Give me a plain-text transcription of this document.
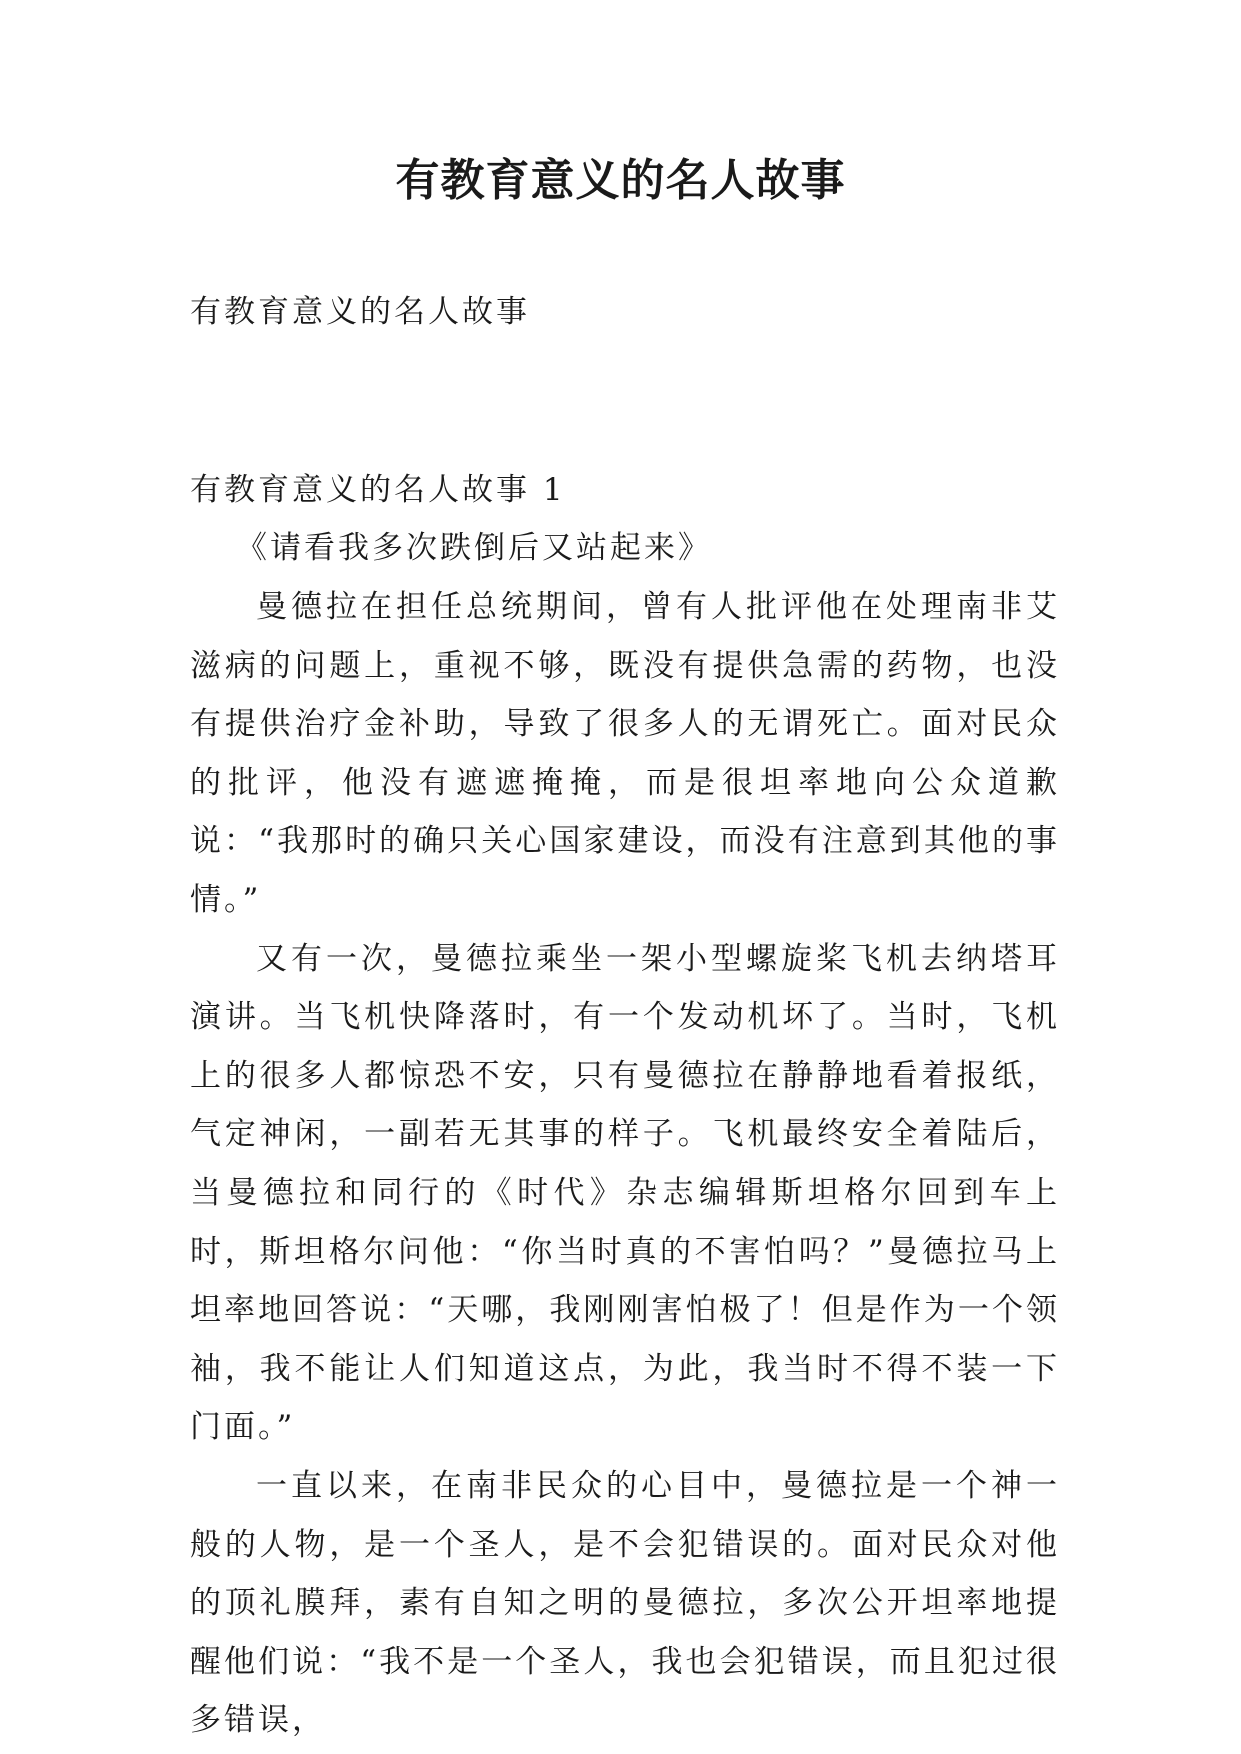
有教育意义的名人故事

有教育意义的名人故事

有教育意义的名人故事 1

《请看我多次跌倒后又站起来》

曼德拉在担任总统期间，曾有人批评他在处理南非艾滋病的问题上，重视不够，既没有提供急需的药物，也没有提供治疗金补助，导致了很多人的无谓死亡。面对民众的批评，他没有遮遮掩掩，而是很坦率地向公众道歉说：“我那时的确只关心国家建设，而没有注意到其他的事情。”

又有一次，曼德拉乘坐一架小型螺旋桨飞机去纳塔耳演讲。当飞机快降落时，有一个发动机坏了。当时，飞机上的很多人都惊恐不安，只有曼德拉在静静地看着报纸，气定神闲，一副若无其事的样子。飞机最终安全着陆后，当曼德拉和同行的《时代》杂志编辑斯坦格尔回到车上时，斯坦格尔问他：“你当时真的不害怕吗？”曼德拉马上坦率地回答说：“天哪，我刚刚害怕极了！但是作为一个领袖，我不能让人们知道这点，为此，我当时不得不装一下门面。”

一直以来，在南非民众的心目中，曼德拉是一个神一般的人物，是一个圣人，是不会犯错误的。面对民众对他的顶礼膜拜，素有自知之明的曼德拉，多次公开坦率地提醒他们说：“我不是一个圣人，我也会犯错误，而且犯过很多错误，
